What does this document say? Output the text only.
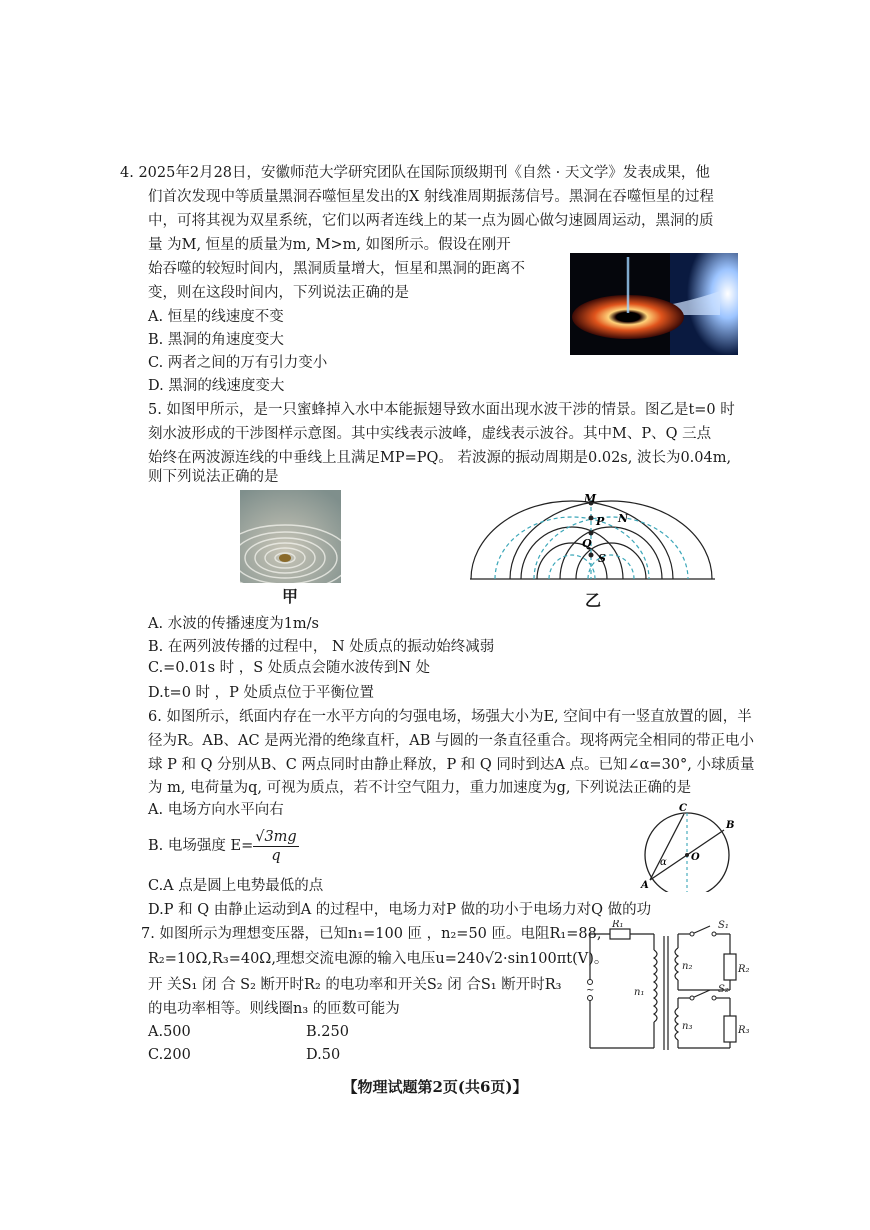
4. 2025年2月28日，安徽师范大学研究团队在国际顶级期刊《自然 · 天文学》发表成果，他
们首次发现中等质量黑洞吞噬恒星发出的X 射线准周期振荡信号。黑洞在吞噬恒星的过程
中，可将其视为双星系统，它们以两者连线上的某一点为圆心做匀速圆周运动，黑洞的质
量 为M, 恒星的质量为m, M>m, 如图所示。假设在刚开
始吞噬的较短时间内，黑洞质量增大，恒星和黑洞的距离不
变，则在这段时间内，下列说法正确的是
A. 恒星的线速度不变
B. 黑洞的角速度变大
C. 两者之间的万有引力变小
D. 黑洞的线速度变大
5. 如图甲所示，是一只蜜蜂掉入水中本能振翅导致水面出现水波干涉的情景。图乙是t=0 时
刻水波形成的干涉图样示意图。其中实线表示波峰，虚线表示波谷。其中M、P、Q 三点
始终在两波源连线的中垂线上且满足MP=PQ。 若波源的振动周期是0.02s, 波长为0.04m,
则下列说法正确的是
甲
M
P N
Q
S
乙
A. 水波的传播速度为1m/s
B. 在两列波传播的过程中， N 处质点的振动始终减弱
C.=0.01s 时 ，S 处质点会随水波传到N 处
D.t=0 时 ，P 处质点位于平衡位置
6. 如图所示，纸面内存在一水平方向的匀强电场，场强大小为E, 空间中有一竖直放置的圆，半
径为R。AB、AC 是两光滑的绝缘直杆，AB 与圆的一条直径重合。现将两完全相同的带正电小
球 P 和 Q 分别从B、C 两点同时由静止释放，P 和 Q 同时到达A 点。已知∠α=30°, 小球质量
为 m, 电荷量为q, 可视为质点，若不计空气阻力，重力加速度为g, 下列说法正确的是
A. 电场方向水平向右
B. 电场强度 $E= \frac{√3mg}{q}$
C.A 点是圆上电势最低的点
D.P 和 Q 由静止运动到A 的过程中，电场力对P 做的功小于电场力对Q 做的功
A
B
C
O
α
7. 如图所示为理想变压器，已知n₁=100 匝 ，n₂=50 匝。电阻R₁=88,
R₂=10Ω,R₃=40Ω,理想交流电源的输入电压u=240√2·sin100πt(V)。
开 关S₁ 闭 合 S₂ 断开时R₂ 的电功率和开关S₂ 闭 合S₁ 断开时R₃
的电功率相等。则线圈n₃ 的匝数可能为
A.500	B.250
C.200	D.50
R₁
R₂
R₃
S₁
S₂
n₁
n₂
n₃
~
【物理试题第2页(共6页)】
